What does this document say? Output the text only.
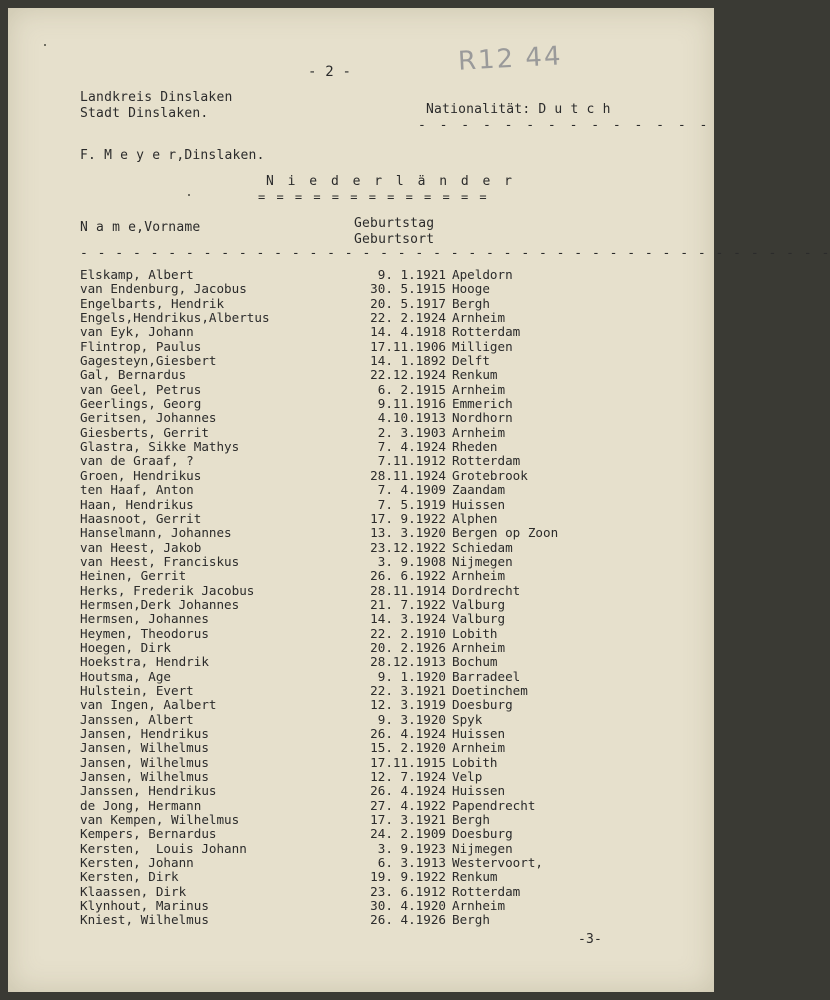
- 2 -	R12 44
Landkreis Dinslaken
Stadt Dinslaken.	Nationalität: D u t c h
- - - - - - - - - - - - - -
F. M e y e r,Dinslaken.
N i e d e r l ä n d e r
= = = = = = = = = = = = =
N a m e,Vorname	Geburtstag
Geburtsort
- - - - - - - - - - - - - - - - - - - - - - - - - - - - - - - - - - - - - - - - - - -
Elskamp, Albert	9. 1.1921 Apeldorn
van Endenburg, Jacobus	30. 5.1915 Hooge
Engelbarts, Hendrik	20. 5.1917 Bergh
Engels,Hendrikus,Albertus	22. 2.1924 Arnheim
van Eyk, Johann	14. 4.1918 Rotterdam
Flintrop, Paulus	17.11.1906 Milligen
Gagesteyn,Giesbert	14. 1.1892 Delft
Gal, Bernardus	22.12.1924 Renkum
van Geel, Petrus	6. 2.1915 Arnheim
Geerlings, Georg	9.11.1916 Emmerich
Geritsen, Johannes	4.10.1913 Nordhorn
Giesberts, Gerrit	2. 3.1903 Arnheim
Glastra, Sikke Mathys	7. 4.1924 Rheden
van de Graaf, ?	7.11.1912 Rotterdam
Groen, Hendrikus	28.11.1924 Grotebrook
ten Haaf, Anton	7. 4.1909 Zaandam
Haan, Hendrikus	7. 5.1919 Huissen
Haasnoot, Gerrit	17. 9.1922 Alphen
Hanselmann, Johannes	13. 3.1920 Bergen op Zoon
van Heest, Jakob	23.12.1922 Schiedam
van Heest, Franciskus	3. 9.1908 Nijmegen
Heinen, Gerrit	26. 6.1922 Arnheim
Herks, Frederik Jacobus	28.11.1914 Dordrecht
Hermsen,Derk Johannes	21. 7.1922 Valburg
Hermsen, Johannes	14. 3.1924 Valburg
Heymen, Theodorus	22. 2.1910 Lobith
Hoegen, Dirk	20. 2.1926 Arnheim
Hoekstra, Hendrik	28.12.1913 Bochum
Houtsma, Age	9. 1.1920 Barradeel
Hulstein, Evert	22. 3.1921 Doetinchem
van Ingen, Aalbert	12. 3.1919 Doesburg
Janssen, Albert	9. 3.1920 Spyk
Jansen, Hendrikus	26. 4.1924 Huissen
Jansen, Wilhelmus	15. 2.1920 Arnheim
Jansen, Wilhelmus	17.11.1915 Lobith
Jansen, Wilhelmus	12. 7.1924 Velp
Janssen, Hendrikus	26. 4.1924 Huissen
de Jong, Hermann	27. 4.1922 Papendrecht
van Kempen, Wilhelmus	17. 3.1921 Bergh
Kempers, Bernardus	24. 2.1909 Doesburg
Kersten,  Louis Johann	3. 9.1923 Nijmegen
Kersten, Johann	6. 3.1913 Westervoort,
Kersten, Dirk	19. 9.1922 Renkum
Klaassen, Dirk	23. 6.1912 Rotterdam
Klynhout, Marinus	30. 4.1920 Arnheim
Kniest, Wilhelmus	26. 4.1926 Bergh
-3-
